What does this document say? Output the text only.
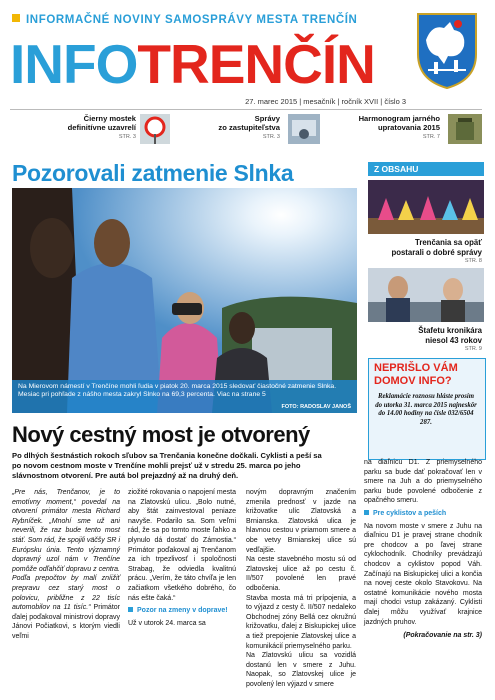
INFORMAČNÉ NOVINY SAMOSPRÁVY MESTA TRENČÍN
INFOTRENČÍN
27. marec 2015 | mesačník | ročník XVII | číslo 3
Čierny mostek
definitívne uzavrelí
STR. 3
Správy
zo zastupiteľstva
STR. 3
Harmonogram jarného
upratovania 2015
STR. 7
Pozorovali zatmenie Slnka
Na Mierovom námestí v Trenčíne mohli ľudia v piatok 20. marca 2015 sledovať čiastočné zatmenie Slnka. Mesiac pri pohľade z nášho mesta zakryl Slnko na 69,3 percenta. Viac na strane 5
FOTO: RADOSLAV JANOŠ
Z OBSAHU
Trenčania sa opäť
postarali o dobré správy
STR. 8
Štafetu kronikára
niesol 43 rokov
STR. 9
NEPRIŠLO VÁM
DOMOV INFO?
Reklamácie roznosu hláste prosím do utorka 31. marca 2015 najneskôr do 14.00 hodiny na čísle 032/6504 287.
Nový cestný most je otvorený
Po dlhých šestnástich rokoch sľubov sa Trenčania konečne dočkali. Cyklisti a peší sa po novom cestnom moste v Trenčíne mohli prejsť už v stredu 25. marca po jeho slávnostnom otvorení. Pre autá bol prejazdný až na druhý deň.

„Pre nás, Trenčanov, je to emotívny moment,“ povedal na otvorení primátor mesta Richard Rybníček. „Mnohí sme už ani neverili, že raz bude tento most stáť. Som rád, že spojili väčšy SR i Európsku únia. Tento významný dopravný uzol nám v Trenčíne pomôže odľahčiť dopravu z centra. Podľa prepočtov by malí zníižiť prepravu cez starý most o polovicu, približne z 22 tisíc automobilov na 11 tisíc.“ Primátor ďalej poďakoval ministrovi dopravy Jánovi Počiatkovi, s ktorým viedli veľmi

ziožité rokovania o napojení mesta na Zlatovskú ulicu. „Bolo nutné, aby štát zainvestoval peniaze navyše. Podarilo sa. Som veľmi rád, že sa po tomto moste ľahko a plynulo dá dostať do Zámostia.“ Primátor poďakoval aj Trenčanom za ich trpezlivosť i spoločnosti Strabag, že odviedla kvalitnú prácu. „Verím, že táto chvíľa je len začiatkom všetkého dobrého, čo nás ešte čaká.“

Pozor na zmeny v doprave!

Už v utorok 24. marca sa

novým dopravným značením zmenila prednosť v jazde na križovatke ulíc Zlatovská a Brnianska. Zlatovská ulica je hlavnou cestou v priamom smere a obe vetvy Brnianskej ulice sú vedľajšie.

Na ceste stavebného mostu sú od Zlatovskej ulice až po cestu č. II/507 povolené len pravé odbočenia.

Stavba mosta má tri prípojenia, a to výjazd z cesty č. II/507 nedaleko Obchodnej zóny Bellá cez okružnú križovatku, ďalej z Biskupickej ulice a tiež prepojenie Zlatovskej ulice a komunikácií priemyselného parku.

Na Zlatovskú ulicu sa vozidlá dostanú len v smere z Juhu. Naopak, so Zlatovskej ulice je povolený len výjazd v smere

na diaľnicu D1. Z priemyselného parku sa bude dať pokračovať len v smere na Juh a do priemyselného parku bude povolené odbočenie z opačného smeru.

Pre cyklistov a peších

Na novom moste v smere z Juhu na diaľnicu D1 je pravej strane chodník pre chodcov a po ľavej strane cyklochodník. Chodníky prevádzajú chodcov a cyklistov popod Váh. Začínajú na Biskupickej ulici a končia na novej ceste okolo Stavokovu. Na ostatné komunikácie nového mosta mají chodci vstup zakázaný. Cyklisti ďalej môžu využívať krajnice jazdných pruhov.

(Pokračovanie na str. 3)
